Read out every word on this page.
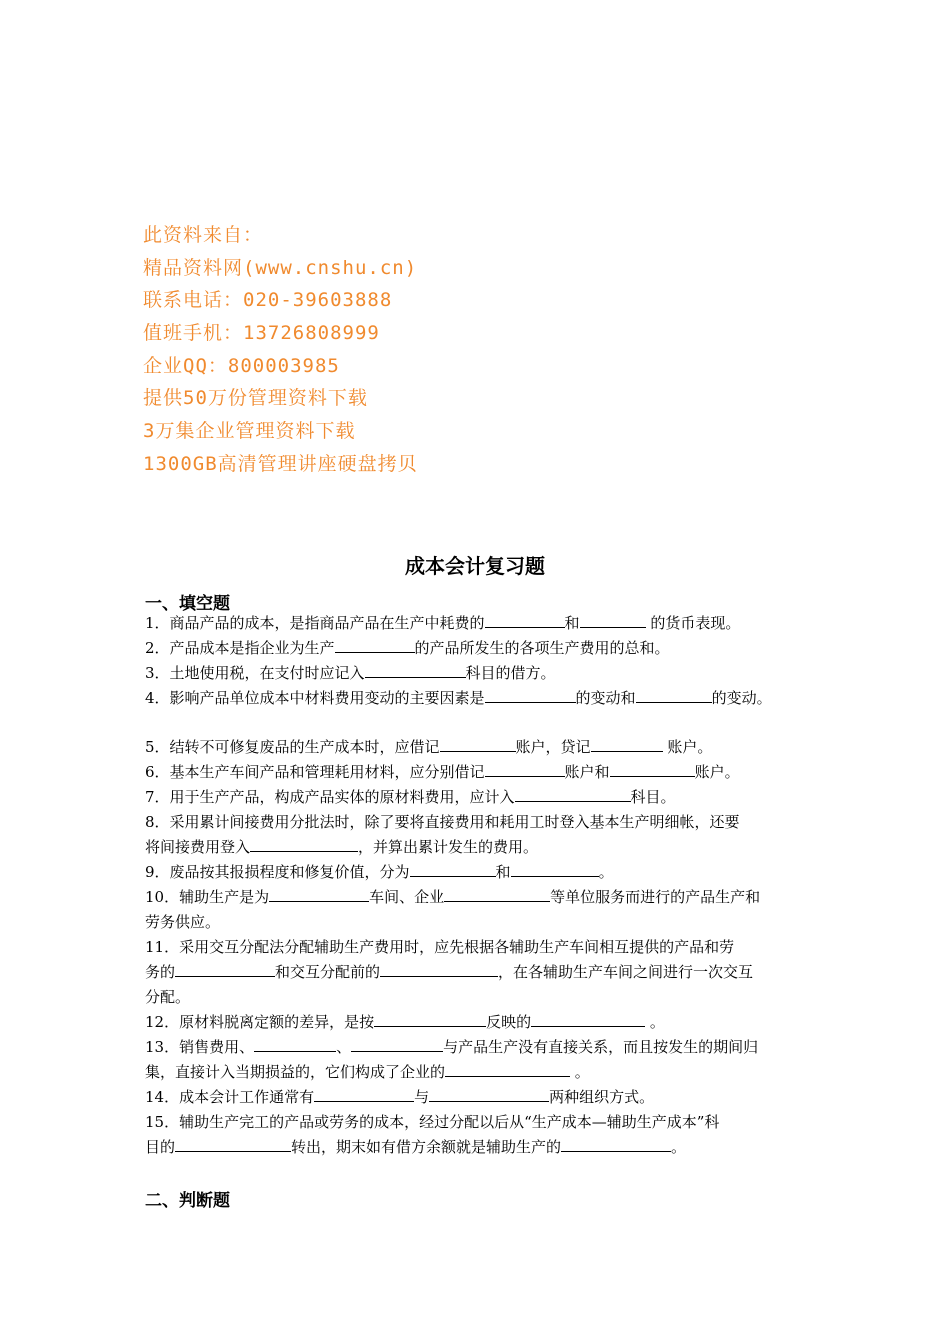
此资料来自：
精品资料网(www.cnshu.cn)
联系电话：020-39603888
值班手机：13726808999
企业QQ：800003985
提供50万份管理资料下载
3万集企业管理资料下载
1300GB高清管理讲座硬盘拷贝
成本会计复习题
一、填空题
1．商品产品的成本，是指商品产品在生产中耗费的	和	的货币表现。
2．产品成本是指企业为生产	的产品所发生的各项生产费用的总和。
3．土地使用税，在支付时应记入	科目的借方。
4．影响产品单位成本中材料费用变动的主要因素是	的变动和	的变动。
5．结转不可修复废品的生产成本时，应借记	账户，贷记	账户。
6．基本生产车间产品和管理耗用材料，应分别借记	账户和	账户。
7．用于生产产品，构成产品实体的原材料费用，应计入	科目。
8．采用累计间接费用分批法时，除了要将直接费用和耗用工时登入基本生产明细帐，还要
将间接费用登入	，并算出累计发生的费用。
9．废品按其报损程度和修复价值，分为	和	。
10．辅助生产是为	车间、企业	等单位服务而进行的产品生产和
劳务供应。
11．采用交互分配法分配辅助生产费用时，应先根据各辅助生产车间相互提供的产品和劳
务的	和交互分配前的	，在各辅助生产车间之间进行一次交互
分配。
12．原材料脱离定额的差异，是按	反映的	。
13．销售费用、	、	与产品生产没有直接关系，而且按发生的期间归
集，直接计入当期损益的，它们构成了企业的	。
14．成本会计工作通常有	与	两种组织方式。
15．辅助生产完工的产品或劳务的成本，经过分配以后从“生产成本—辅助生产成本”科
目的	转出，期末如有借方余额就是辅助生产的	。
二、判断题
